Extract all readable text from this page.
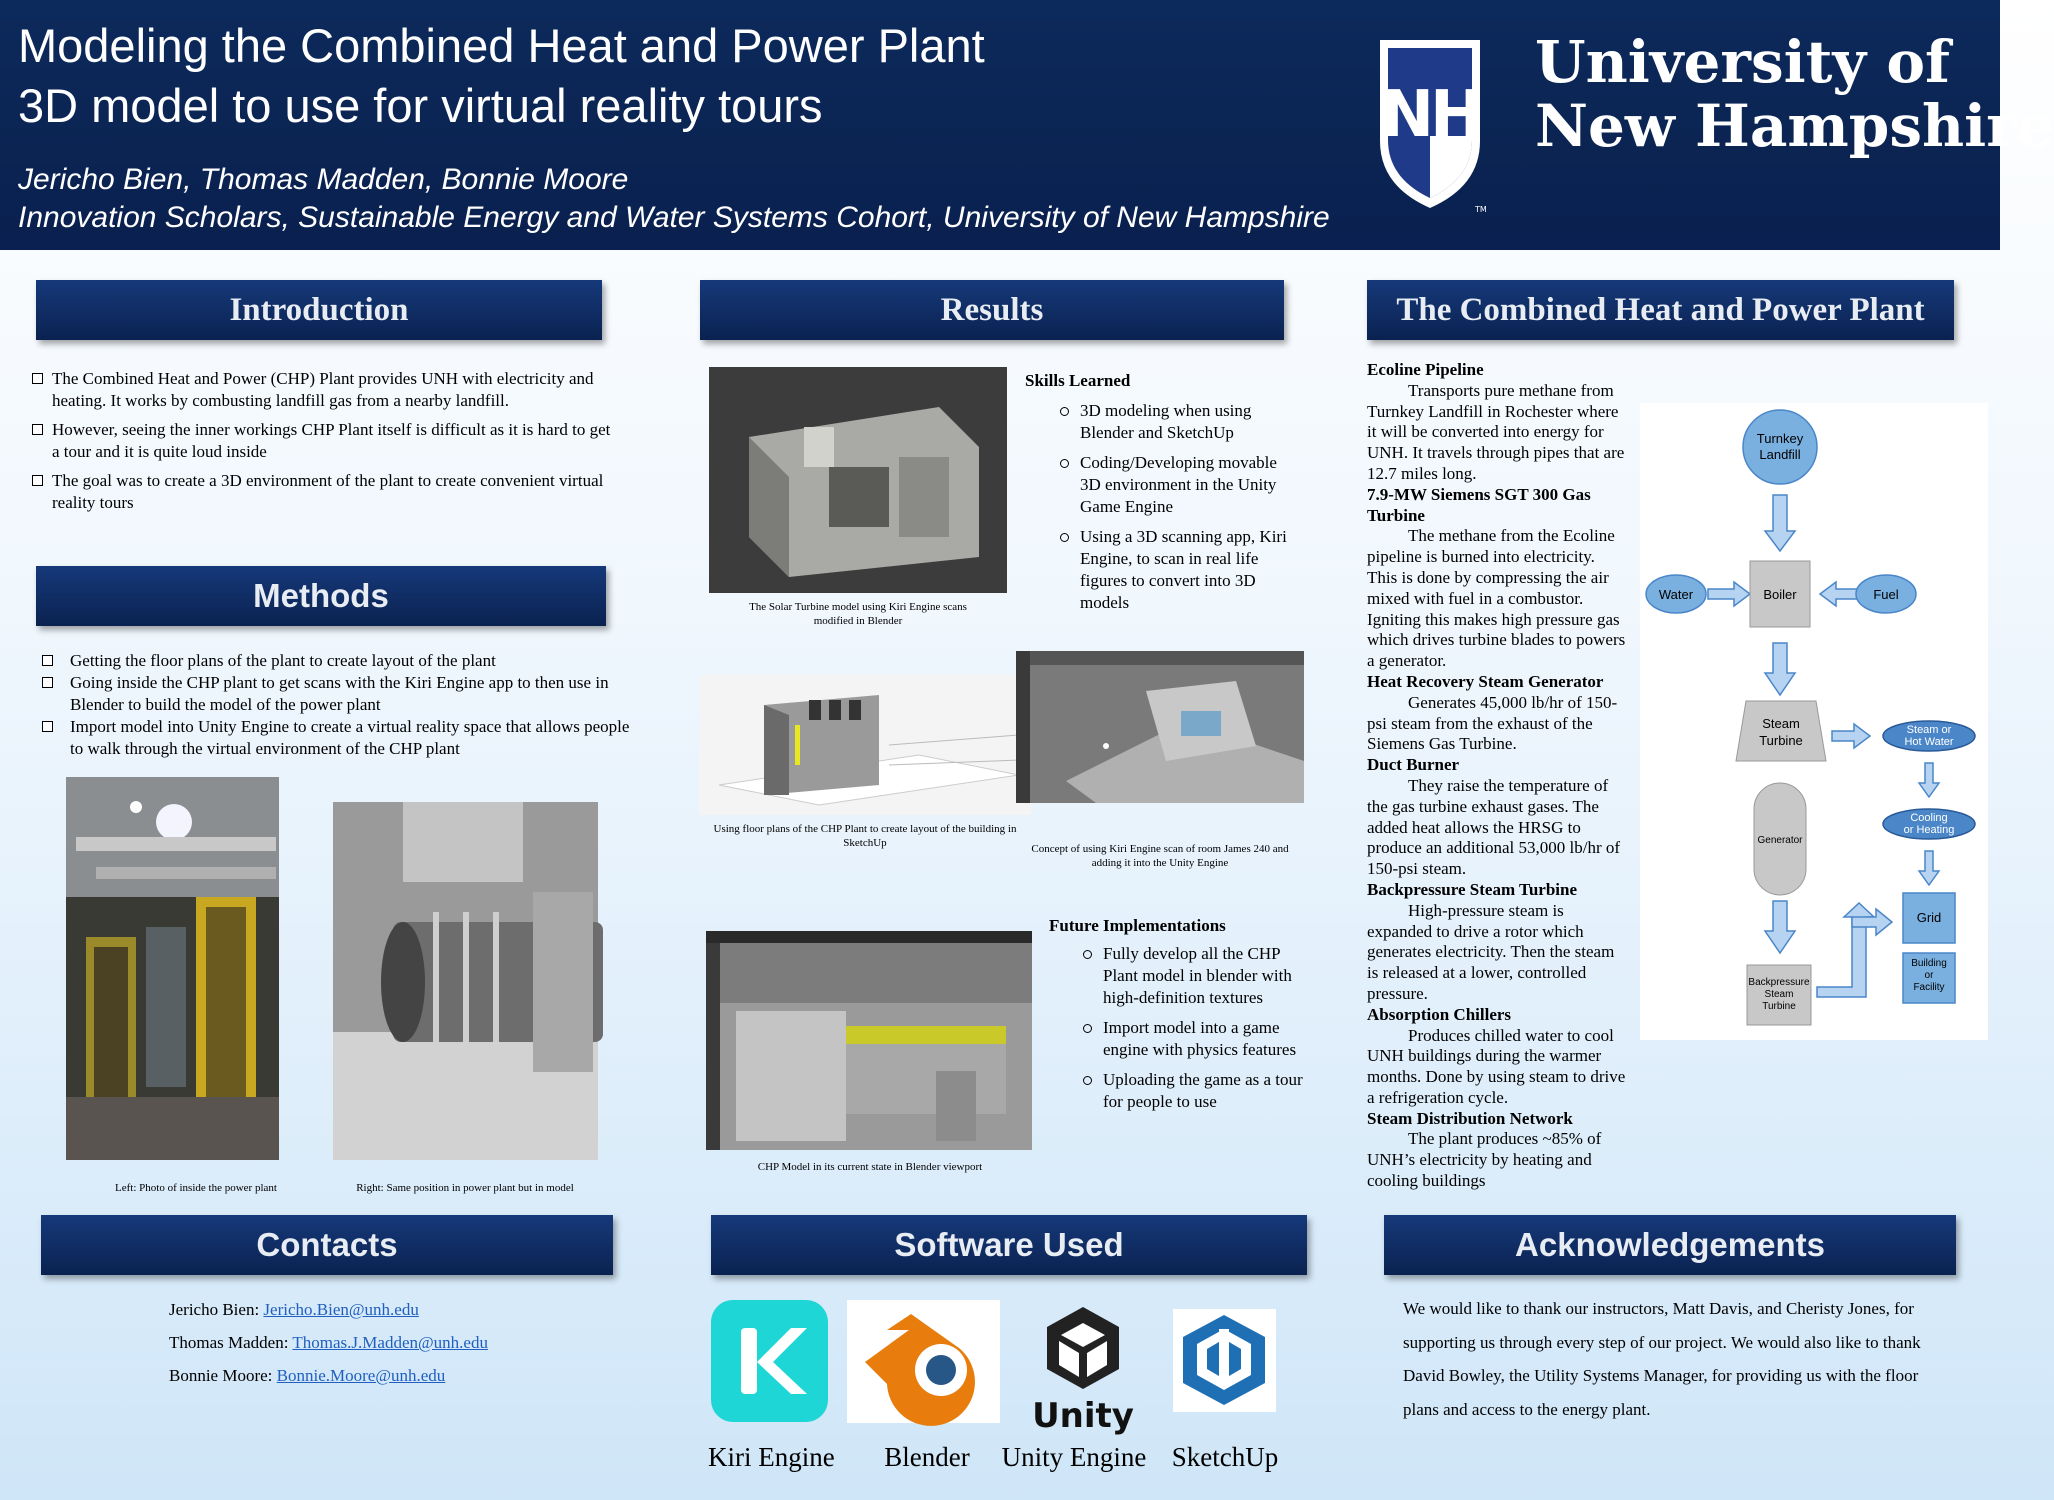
Modeling the Combined Heat and Power Plant
3D model to use for virtual reality tours
Jericho Bien, Thomas Madden, Bonnie Moore
Innovation Scholars, Sustainable Energy and Water Systems Cohort, University of New Hampshire
NH
TM
University of
New Hampshire
Introduction
The Combined Heat and Power (CHP) Plant provides UNH with electricity and heating. It works by combusting landfill gas from a nearby landfill.
However, seeing the inner workings CHP Plant itself is difficult as it is hard to get a tour and it is quite loud inside
The goal was to create a 3D environment of the plant to create convenient virtual reality tours
Methods
Getting the floor plans of the plant to create layout of the plant
Going inside the CHP plant to get scans with the Kiri Engine app to then use in Blender to build the model of the power plant
Import model into Unity Engine to create a virtual reality space that allows people to walk through the virtual environment of the CHP plant
Left: Photo of inside the power plant	Right: Same position in power plant but in model
Results
The Solar Turbine model using Kiri Engine scans modified in Blender
Skills Learned
3D modeling when using Blender and SketchUp
Coding/Developing movable 3D environment in the Unity Game Engine
Using a 3D scanning app, Kiri Engine, to scan in real life figures to convert into 3D models
Using floor plans of the CHP Plant to create layout of the building in SketchUp	Concept of using Kiri Engine scan of room James 240 and adding it into the Unity Engine
CHP Model in its current state in Blender viewport
Future Implementations
Fully develop all the CHP Plant model in blender with high-definition textures
Import model into a game engine with physics features
Uploading the game as a tour for people to use
The Combined Heat and Power Plant
Ecoline Pipeline
Transports pure methane from Turnkey Landfill in Rochester where it will be converted into energy for UNH. It travels through pipes that are 12.7 miles long.
7.9-MW Siemens SGT 300 Gas Turbine
The methane from the Ecoline pipeline is burned into electricity. This is done by compressing the air mixed with fuel in a combustor. Igniting this makes high pressure gas which drives turbine blades to powers a generator.
Heat Recovery Steam Generator
Generates 45,000 lb/hr of 150-psi steam from the exhaust of the Siemens Gas Turbine.
Duct Burner
They raise the temperature of the gas turbine exhaust gases. The added heat allows the HRSG to produce an additional 53,000 lb/hr of 150-psi steam.
Backpressure Steam Turbine
High-pressure steam is expanded to drive a rotor which generates electricity. Then the steam is released at a lower, controlled pressure.
Absorption Chillers
Produces chilled water to cool UNH buildings during the warmer months. Done by using steam to drive a refrigeration cycle.
Steam Distribution Network
The plant produces ~85% of UNH’s electricity by heating and cooling buildings
Turnkey
Landfill
Water	Boiler	Fuel
Steam
Turbine
Steam or
Hot Water
Generator
Cooling
or Heating
Grid
Building
or
Facility
Backpressure
Steam
Turbine
Contacts
Jericho Bien: Jericho.Bien@unh.edu
Thomas Madden: Thomas.J.Madden@unh.edu
Bonnie Moore: Bonnie.Moore@unh.edu
Software Used
Unity
Kiri Engine	Blender	Unity Engine SketchUp
Acknowledgements
We would like to thank our instructors, Matt Davis, and Cheristy Jones, for supporting us through every step of our project. We would also like to thank David Bowley, the Utility Systems Manager, for providing us with the floor plans and access to the energy plant.
